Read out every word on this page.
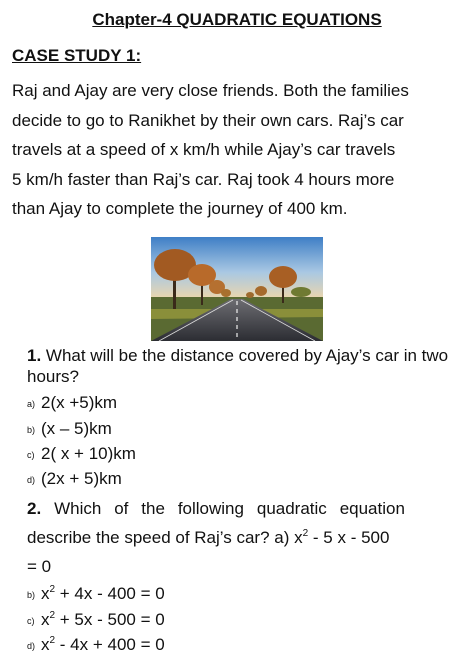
Chapter-4 QUADRATIC EQUATIONS
CASE STUDY 1:
Raj and Ajay are very close friends. Both the families
decide to go to Ranikhet by their own cars. Raj’s car
travels at a speed of x km/h while Ajay’s car travels
5 km/h faster than Raj’s car. Raj took 4 hours more
than Ajay to complete the journey of 400 km.
1. What will be the distance covered by Ajay’s car in two hours?
a) 2(x +5)km
b) (x – 5)km
c) 2( x + 10)km
d) (2x + 5)km
2. Which of the following quadratic equation
describe the speed of Raj’s car? a) $x^2 - 5$ x - 500
= 0
b) $x^2 + 4x - 400 = 0$
c) $x^2 + 5x - 500 = 0$
d) $x^2 - 4x + 400 = 0$
